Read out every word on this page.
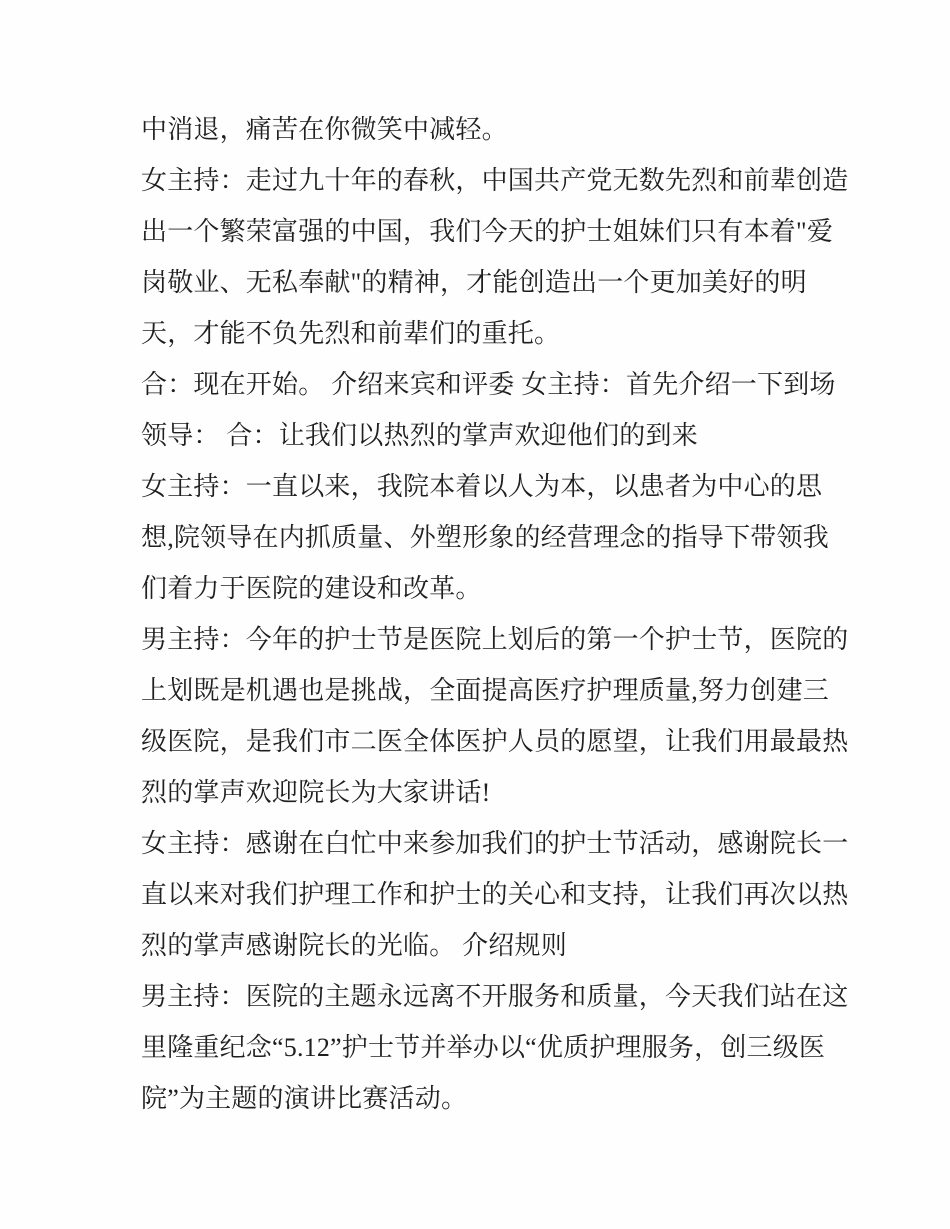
中消退，痛苦在你微笑中减轻。
女主持：走过九十年的春秋，中国共产党无数先烈和前辈创造
出一个繁荣富强的中国，我们今天的护士姐妹们只有本着"爱
岗敬业、无私奉献"的精神，才能创造出一个更加美好的明
天，才能不负先烈和前辈们的重托。
合：现在开始。 介绍来宾和评委 女主持：首先介绍一下到场
领导： 合：让我们以热烈的掌声欢迎他们的到来
女主持：一直以来，我院本着以人为本，以患者为中心的思
想,院领导在内抓质量、外塑形象的经营理念的指导下带领我
们着力于医院的建设和改革。
男主持：今年的护士节是医院上划后的第一个护士节，医院的
上划既是机遇也是挑战，全面提高医疗护理质量,努力创建三
级医院，是我们市二医全体医护人员的愿望，让我们用最最热
烈的掌声欢迎院长为大家讲话!
女主持：感谢在白忙中来参加我们的护士节活动，感谢院长一
直以来对我们护理工作和护士的关心和支持，让我们再次以热
烈的掌声感谢院长的光临。 介绍规则
男主持：医院的主题永远离不开服务和质量，今天我们站在这
里隆重纪念“5.12”护士节并举办以“优质护理服务，创三级医
院”为主题的演讲比赛活动。
